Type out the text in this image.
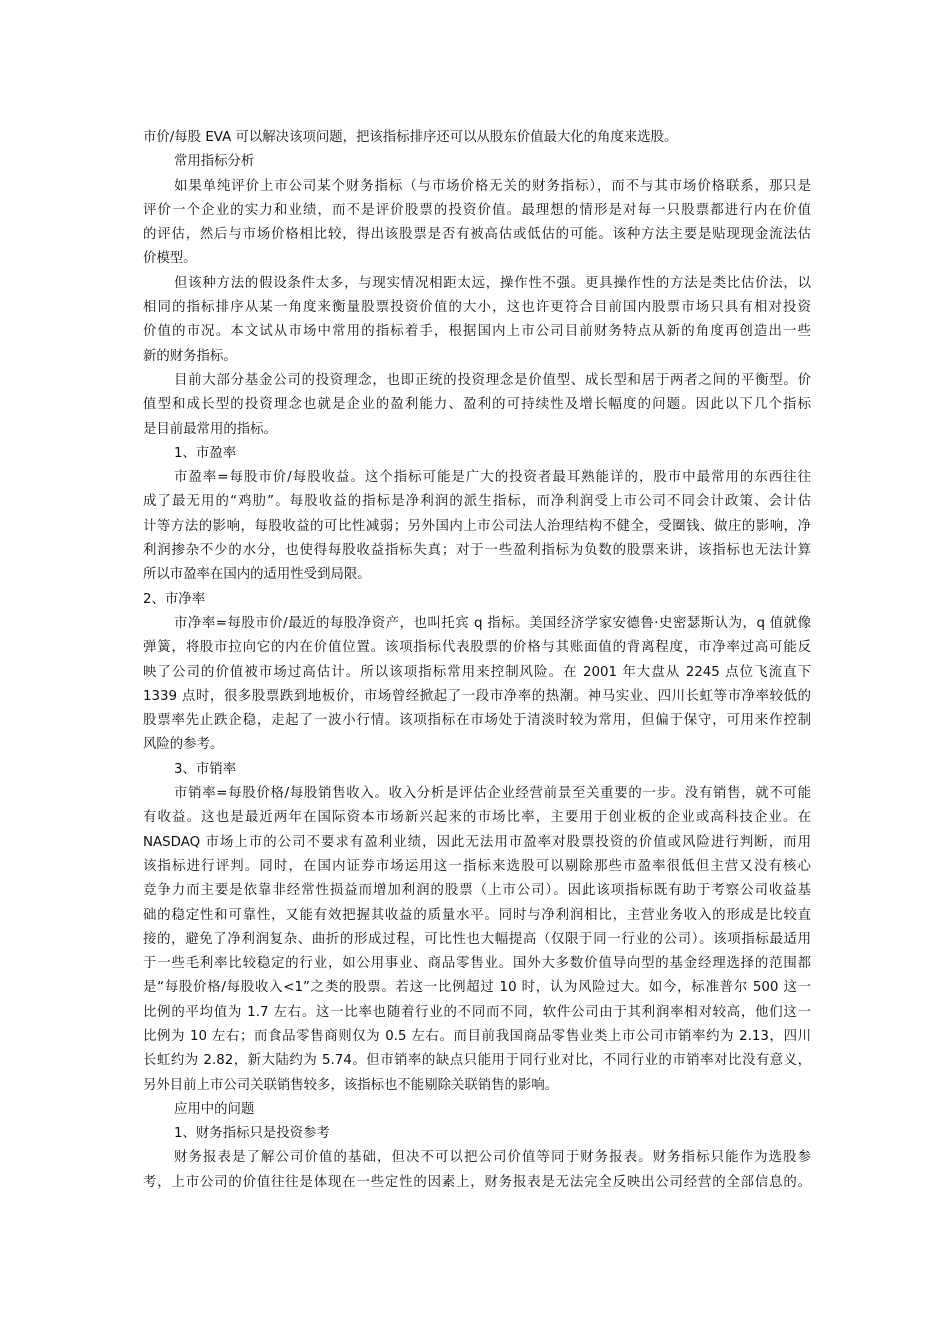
市价/每股 EVA 可以解决该项问题，把该指标排序还可以从股东价值最大化的角度来选股。
常用指标分析
如果单纯评价上市公司某个财务指标（与市场价格无关的财务指标），而不与其市场价格联系，那只是
评价一个企业的实力和业绩，而不是评价股票的投资价值。最理想的情形是对每一只股票都进行内在价值
的评估，然后与市场价格相比较，得出该股票是否有被高估或低估的可能。该种方法主要是贴现现金流法估
价模型。
但该种方法的假设条件太多，与现实情况相距太远，操作性不强。更具操作性的方法是类比估价法，以
相同的指标排序从某一角度来衡量股票投资价值的大小，这也许更符合目前国内股票市场只具有相对投资
价值的市况。本文试从市场中常用的指标着手，根据国内上市公司目前财务特点从新的角度再创造出一些
新的财务指标。
目前大部分基金公司的投资理念，也即正统的投资理念是价值型、成长型和居于两者之间的平衡型。价
值型和成长型的投资理念也就是企业的盈利能力、盈利的可持续性及增长幅度的问题。因此以下几个指标
是目前最常用的指标。
1、市盈率
市盈率=每股市价/每股收益。这个指标可能是广大的投资者最耳熟能详的，股市中最常用的东西往往
成了最无用的“鸡肋”。每股收益的指标是净利润的派生指标，而净利润受上市公司不同会计政策、会计估
计等方法的影响，每股收益的可比性减弱；另外国内上市公司法人治理结构不健全，受圈钱、做庄的影响，净
利润掺杂不少的水分，也使得每股收益指标失真；对于一些盈利指标为负数的股票来讲，该指标也无法计算
所以市盈率在国内的适用性受到局限。
2、市净率
市净率=每股市价/最近的每股净资产，也叫托宾 q 指标。美国经济学家安德鲁·史密瑟斯认为，q 值就像
弹簧，将股市拉向它的内在价值位置。该项指标代表股票的价格与其账面值的背离程度，市净率过高可能反
映了公司的价值被市场过高估计。所以该项指标常用来控制风险。在 2001 年大盘从 2245 点位飞流直下
1339 点时，很多股票跌到地板价，市场曾经掀起了一段市净率的热潮。神马实业、四川长虹等市净率较低的
股票率先止跌企稳，走起了一波小行情。该项指标在市场处于清淡时较为常用，但偏于保守，可用来作控制
风险的参考。
3、市销率
市销率=每股价格/每股销售收入。收入分析是评估企业经营前景至关重要的一步。没有销售，就不可能
有收益。这也是最近两年在国际资本市场新兴起来的市场比率，主要用于创业板的企业或高科技企业。在
NASDAQ 市场上市的公司不要求有盈利业绩，因此无法用市盈率对股票投资的价值或风险进行判断，而用
该指标进行评判。同时，在国内证券市场运用这一指标来选股可以剔除那些市盈率很低但主营又没有核心
竞争力而主要是依靠非经常性损益而增加利润的股票（上市公司）。因此该项指标既有助于考察公司收益基
础的稳定性和可靠性，又能有效把握其收益的质量水平。同时与净利润相比，主营业务收入的形成是比较直
接的，避免了净利润复杂、曲折的形成过程，可比性也大幅提高（仅限于同一行业的公司）。该项指标最适用
于一些毛利率比较稳定的行业，如公用事业、商品零售业。国外大多数价值导向型的基金经理选择的范围都
是“每股价格/每股收入<1”之类的股票。若这一比例超过 10 时，认为风险过大。如今，标准普尔 500 这一
比例的平均值为 1.7 左右。这一比率也随着行业的不同而不同，软件公司由于其利润率相对较高，他们这一
比例为 10 左右；而食品零售商则仅为 0.5 左右。而目前我国商品零售业类上市公司市销率约为 2.13，四川
长虹约为 2.82，新大陆约为 5.74。但市销率的缺点只能用于同行业对比，不同行业的市销率对比没有意义，
另外目前上市公司关联销售较多，该指标也不能剔除关联销售的影响。
应用中的问题
1、财务指标只是投资参考
财务报表是了解公司价值的基础，但决不可以把公司价值等同于财务报表。财务指标只能作为选股参
考，上市公司的价值往往是体现在一些定性的因素上，财务报表是无法完全反映出公司经营的全部信息的。
